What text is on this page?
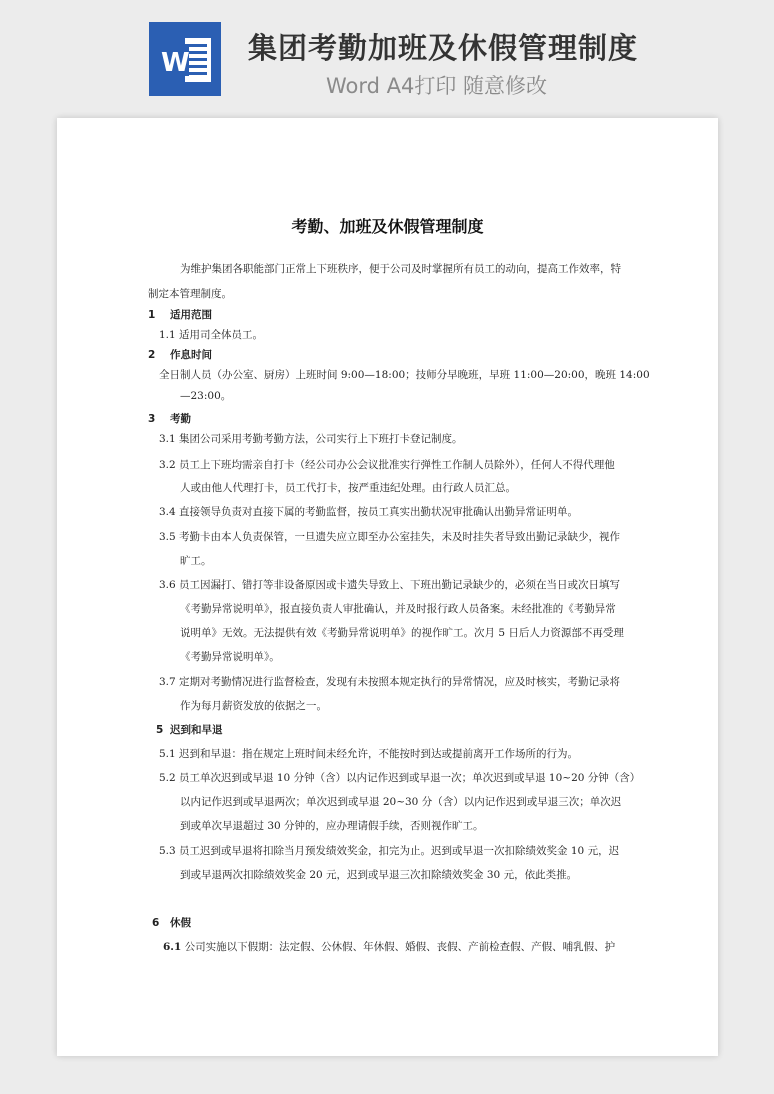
W 集团考勤加班及休假管理制度
Word A4打印 随意修改
考勤、加班及休假管理制度
为维护集团各职能部门正常上下班秩序，便于公司及时掌握所有员工的动向，提高工作效率，特
制定本管理制度。
1 适用范围
1.1 适用司全体员工。
2 作息时间
全日制人员（办公室、厨房）上班时间 9:00—18:00；技师分早晚班，早班 11:00—20:00，晚班 14:00
—23:00。
3 考勤
3.1 集团公司采用考勤考勤方法，公司实行上下班打卡登记制度。
3.2 员工上下班均需亲自打卡（经公司办公会议批准实行弹性工作制人员除外），任何人不得代理他
人或由他人代理打卡，员工代打卡，按严重违纪处理。由行政人员汇总。
3.4 直接领导负责对直接下属的考勤监督，按员工真实出勤状况审批确认出勤异常证明单。
3.5 考勤卡由本人负责保管，一旦遗失应立即至办公室挂失，未及时挂失者导致出勤记录缺少，视作
旷工。
3.6 员工因漏打、错打等非设备原因或卡遗失导致上、下班出勤记录缺少的，必须在当日或次日填写
《考勤异常说明单》，报直接负责人审批确认，并及时报行政人员备案。未经批准的《考勤异常
说明单》无效。无法提供有效《考勤异常说明单》的视作旷工。次月 5 日后人力资源部不再受理
《考勤异常说明单》。
3.7 定期对考勤情况进行监督检查，发现有未按照本规定执行的异常情况，应及时核实，考勤记录将
作为每月薪资发放的依据之一。
5 迟到和早退
5.1 迟到和早退：指在规定上班时间未经允许，不能按时到达或提前离开工作场所的行为。
5.2 员工单次迟到或早退 10 分钟（含）以内记作迟到或早退一次；单次迟到或早退 10~20 分钟（含）
以内记作迟到或早退两次；单次迟到或早退 20~30 分（含）以内记作迟到或早退三次；单次迟
到或单次早退超过 30 分钟的，应办理请假手续，否则视作旷工。
5.3 员工迟到或早退将扣除当月预发绩效奖金，扣完为止。迟到或早退一次扣除绩效奖金 10 元，迟
到或早退两次扣除绩效奖金 20 元，迟到或早退三次扣除绩效奖金 30 元，依此类推。
6 休假
6.1 公司实施以下假期：法定假、公休假、年休假、婚假、丧假、产前检查假、产假、哺乳假、护
